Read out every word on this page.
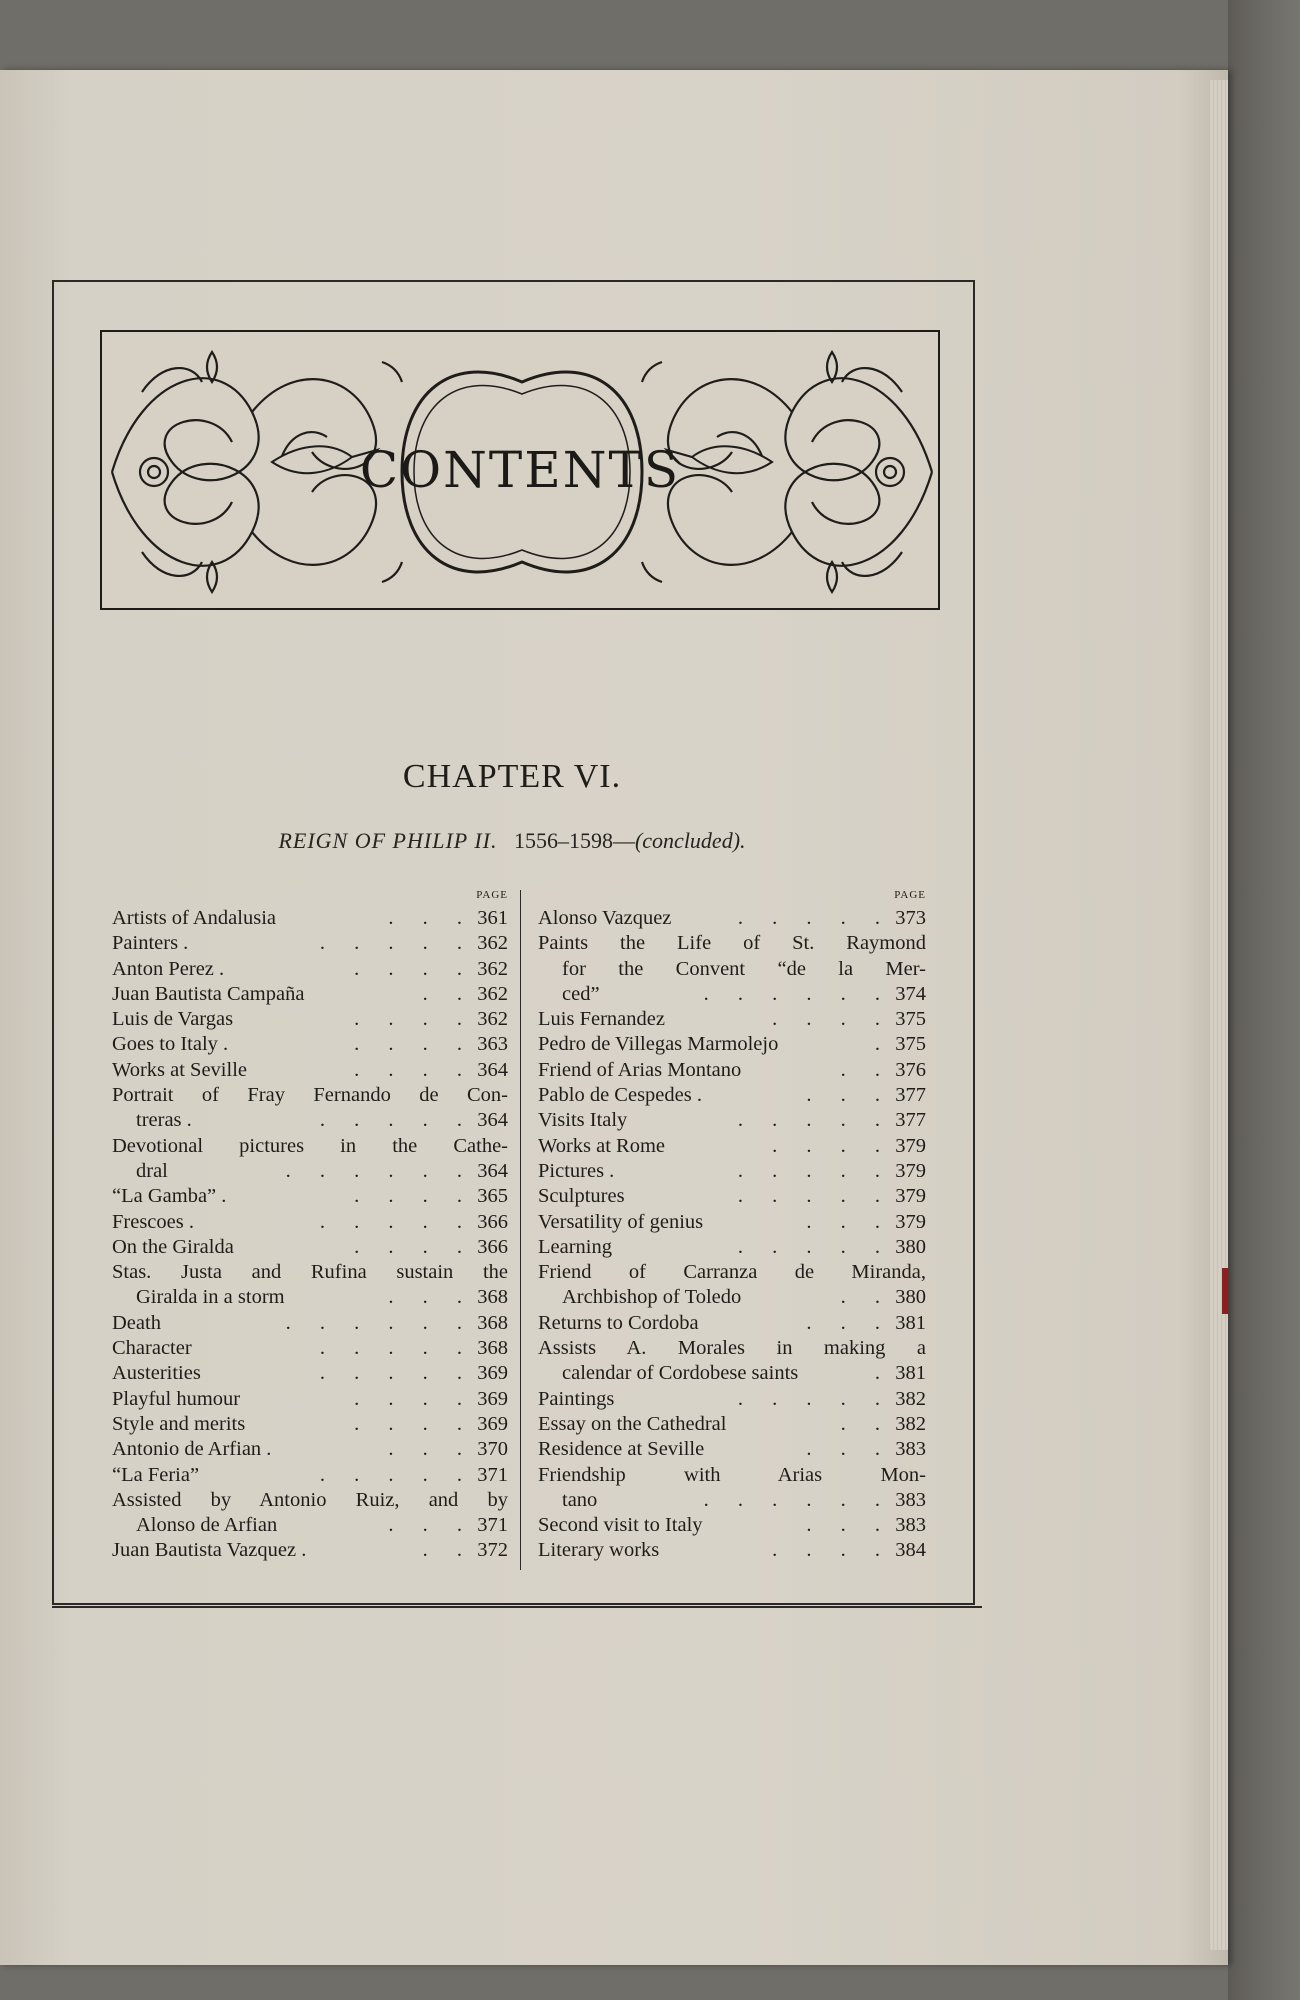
CONTENTS
CHAPTER VI.
REIGN OF PHILIP II. 1556–1598—(concluded).
PAGE
Artists of Andalusia	. . . 361
Painters .	. . . . . 362
Anton Perez .	. . . . 362
Juan Bautista Campaña	. . 362
Luis de Vargas	. . . . 362
Goes to Italy .	. . . . 363
Works at Seville	. . . . 364
Portrait of Fray Fernando de Con-
treras .	. . . . . 364
Devotional pictures in the Cathe-
dral	. . . . . . 364
“La Gamba” .	. . . . 365
Frescoes .	. . . . . 366
On the Giralda	. . . . 366
Stas. Justa and Rufina sustain the
Giralda in a storm	. . . 368
Death	. . . . . . 368
Character	. . . . . 368
Austerities	. . . . . 369
Playful humour	. . . . 369
Style and merits	. . . . 369
Antonio de Arfian .	. . . 370
“La Feria”	. . . . . 371
Assisted by Antonio Ruiz, and by
Alonso de Arfian	. . . 371
Juan Bautista Vazquez .	. . 372
PAGE
Alonso Vazquez	. . . . . 373
Paints the Life of St. Raymond
for the Convent “de la Mer-
ced”	. . . . . . 374
Luis Fernandez	. . . . 375
Pedro de Villegas Marmolejo	. 375
Friend of Arias Montano	. . 376
Pablo de Cespedes .	. . . 377
Visits Italy	. . . . . 377
Works at Rome	. . . . 379
Pictures .	. . . . . 379
Sculptures	. . . . . 379
Versatility of genius	. . . 379
Learning	. . . . . 380
Friend of Carranza de Miranda,
Archbishop of Toledo	. . 380
Returns to Cordoba	. . . 381
Assists A. Morales in making a
calendar of Cordobese saints	. 381
Paintings	. . . . . 382
Essay on the Cathedral	. . 382
Residence at Seville	. . . 383
Friendship with Arias Mon-
tano	. . . . . . 383
Second visit to Italy	. . . 383
Literary works	. . . . 384
